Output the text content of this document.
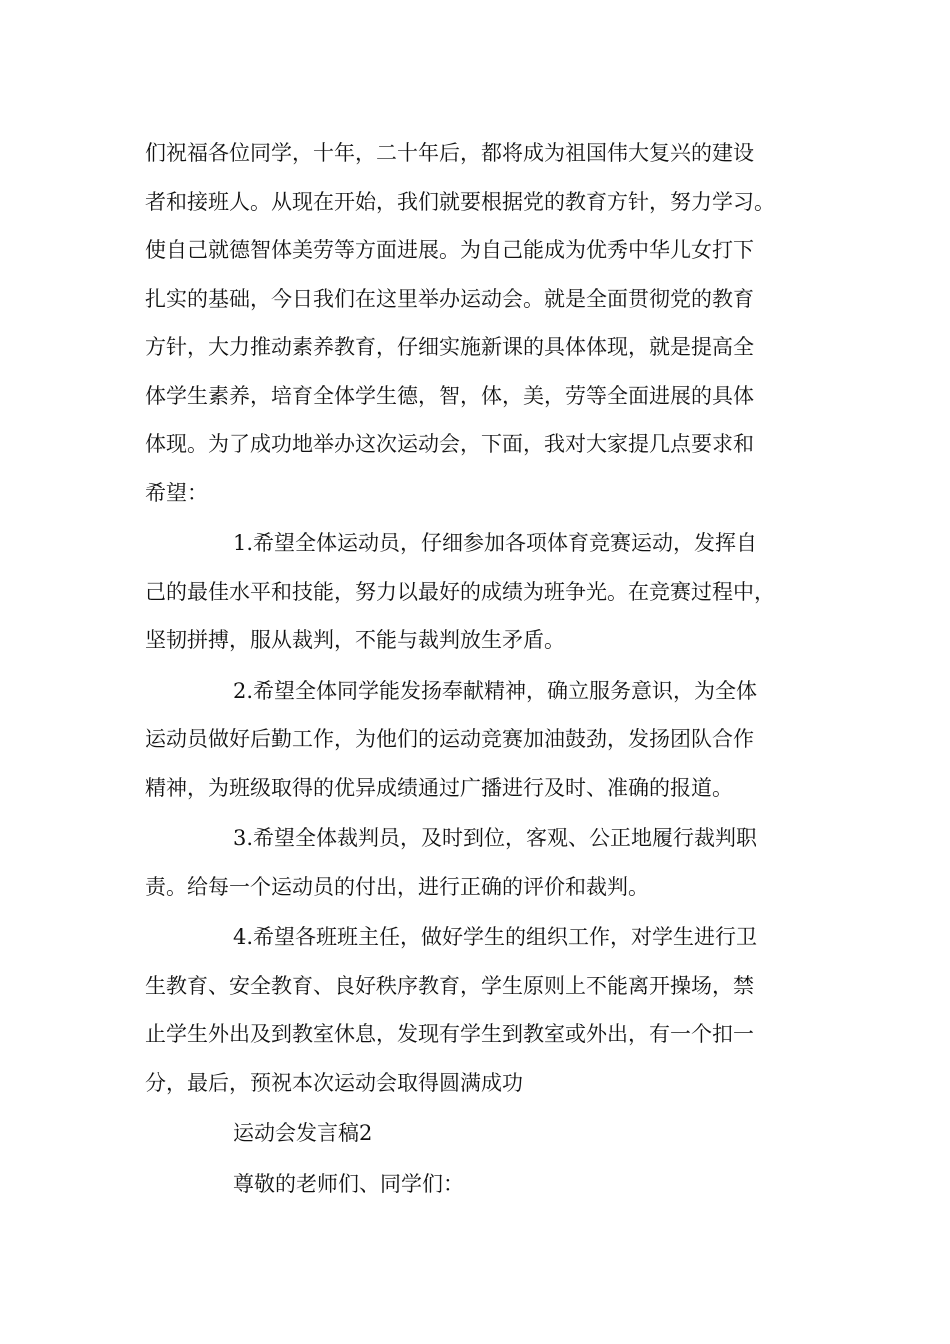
们祝福各位同学，十年，二十年后，都将成为祖国伟大复兴的建设
者和接班人。从现在开始，我们就要根据党的教育方针，努力学习。
使自己就德智体美劳等方面进展。为自己能成为优秀中华儿女打下
扎实的基础，今日我们在这里举办运动会。就是全面贯彻党的教育
方针，大力推动素养教育，仔细实施新课的具体体现，就是提高全
体学生素养，培育全体学生德，智，体，美，劳等全面进展的具体
体现。为了成功地举办这次运动会，下面，我对大家提几点要求和
希望：

1.希望全体运动员，仔细参加各项体育竞赛运动，发挥自
己的最佳水平和技能，努力以最好的成绩为班争光。在竞赛过程中，
坚韧拼搏，服从裁判，不能与裁判放生矛盾。

2.希望全体同学能发扬奉献精神，确立服务意识，为全体
运动员做好后勤工作，为他们的运动竞赛加油鼓劲，发扬团队合作
精神，为班级取得的优异成绩通过广播进行及时、准确的报道。

3.希望全体裁判员，及时到位，客观、公正地履行裁判职
责。给每一个运动员的付出，进行正确的评价和裁判。

4.希望各班班主任，做好学生的组织工作，对学生进行卫
生教育、安全教育、良好秩序教育，学生原则上不能离开操场，禁
止学生外出及到教室休息，发现有学生到教室或外出，有一个扣一
分，最后，预祝本次运动会取得圆满成功

运动会发言稿2

尊敬的老师们、同学们：
